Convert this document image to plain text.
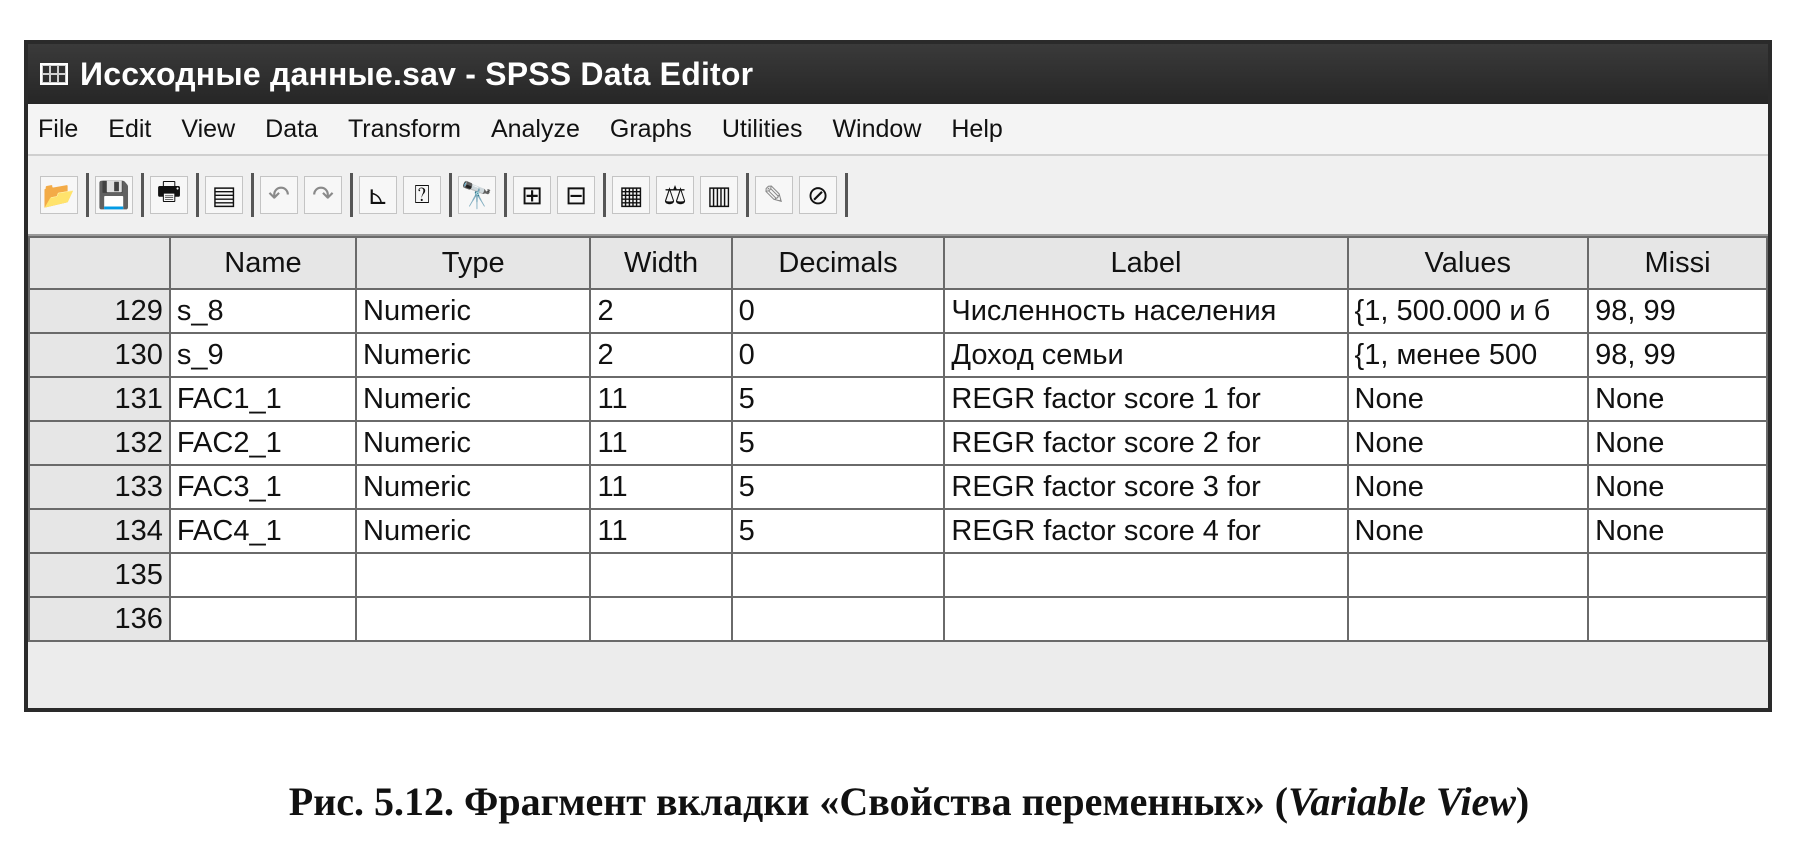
Иссходные данные.sav - SPSS Data Editor
File Edit View Data Transform Analyze Graphs Utilities Window Help
📂 💾 🖶 ▤	↶ ↷	⊾ ⍰	🔭	⊞ ⊟	▦ ⚖ ▥	✎ ⊘
	Name	Type	Width	Decimals	Label	Values	Missi
129	s_8	Numeric	2	0	Численность населения	{1, 500.000 и б	98, 99
130	s_9	Numeric	2	0	Доход семьи	{1, менее 500	98, 99
131	FAC1_1	Numeric	11	5	REGR factor score 1 for	None	None
132	FAC2_1	Numeric	11	5	REGR factor score 2 for	None	None
133	FAC3_1	Numeric	11	5	REGR factor score 3 for	None	None
134	FAC4_1	Numeric	11	5	REGR factor score 4 for	None	None
135							
136							
Рис. 5.12. Фрагмент вкладки «Свойства переменных» (Variable View)
